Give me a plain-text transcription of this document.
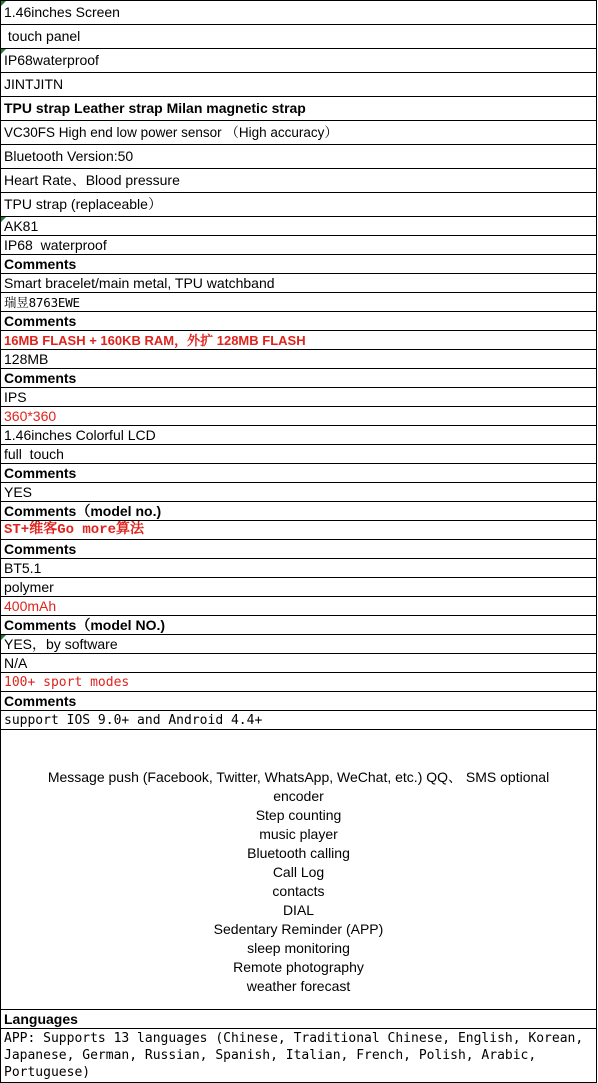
1.46inches Screen
touch panel

IP68waterproof
JINTJITN
TPU strap Leather strap Milan magnetic strap
VC30FS High end low power sensor （High accuracy）
Bluetooth Version:50
Heart Rate、Blood pressure
TPU strap (replaceable）

AK81
IP68  waterproof
Comments
Smart bracelet/main metal, TPU watchband
瑞昱8763EWE
Comments
16MB FLASH + 160KB RAM，外扩 128MB FLASH
128MB
Comments
IPS
360*360
1.46inches Colorful LCD
full  touch
Comments
YES
Comments（model no.)
ST+维客Go more算法
Comments
BT5.1
polymer
400mAh
Comments（model NO.)

YES，by software
N/A
100+ sport modes
Comments
support IOS 9.0+ and Android 4.4+

Message push (Facebook, Twitter, WhatsApp, WeChat, etc.) QQ、 SMS optional
encoder
Step counting
music player
Bluetooth calling
Call Log
contacts
DIAL
Sedentary Reminder (APP)
sleep monitoring
Remote photography
weather forecast

Languages
APP: Supports 13 languages (Chinese, Traditional Chinese, English, Korean, Japanese, German, Russian, Spanish, Italian, French, Polish, Arabic, Portuguese)
